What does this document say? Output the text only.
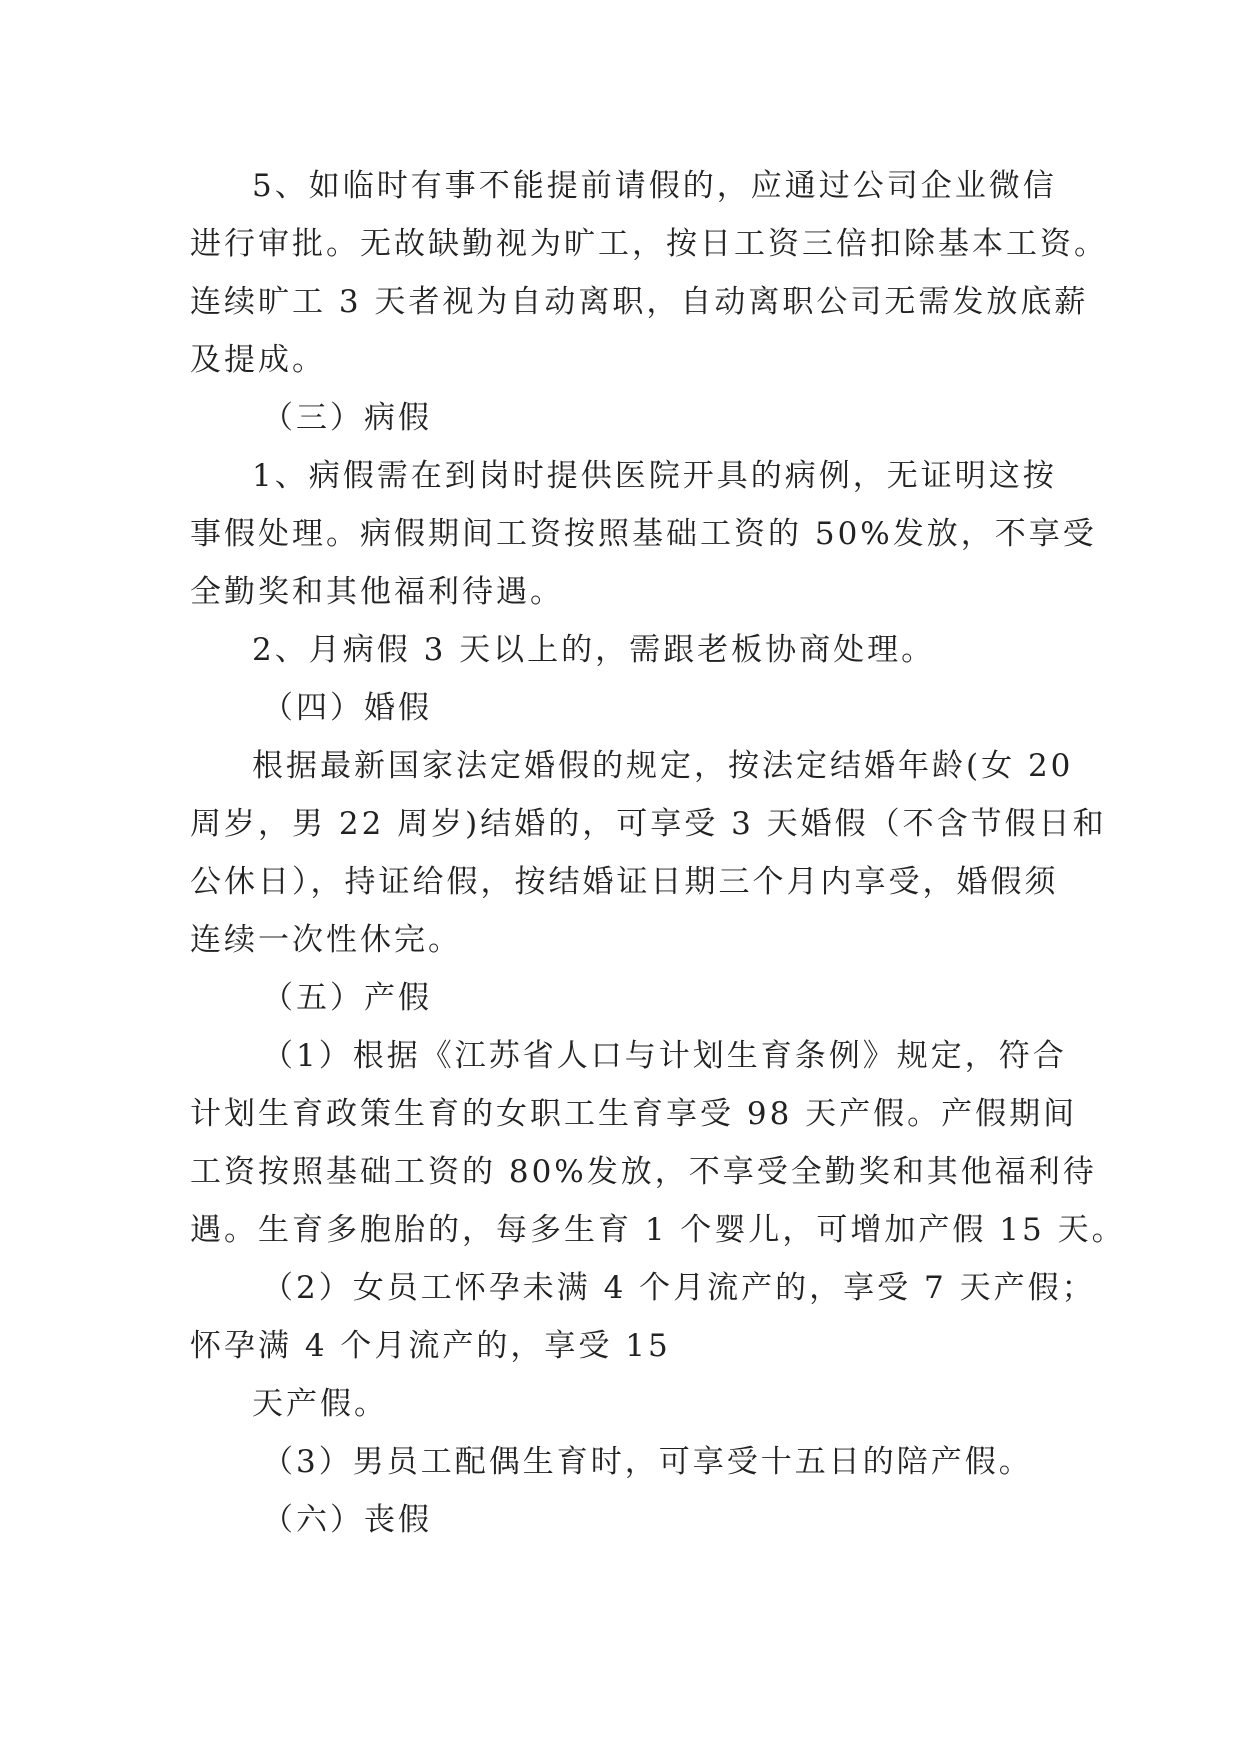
5、如临时有事不能提前请假的，应通过公司企业微信
进行审批。无故缺勤视为旷工，按日工资三倍扣除基本工资。
连续旷工 3 天者视为自动离职，自动离职公司无需发放底薪
及提成。
（三）病假
1、病假需在到岗时提供医院开具的病例，无证明这按
事假处理。病假期间工资按照基础工资的 50%发放，不享受
全勤奖和其他福利待遇。
2、月病假 3 天以上的，需跟老板协商处理。
（四）婚假
根据最新国家法定婚假的规定，按法定结婚年龄(女 20
周岁，男 22 周岁)结婚的，可享受 3 天婚假（不含节假日和
公休日），持证给假，按结婚证日期三个月内享受，婚假须
连续一次性休完。
（五）产假
（1）根据《江苏省人口与计划生育条例》规定，符合
计划生育政策生育的女职工生育享受 98 天产假。产假期间
工资按照基础工资的 80%发放，不享受全勤奖和其他福利待
遇。生育多胞胎的，每多生育 1 个婴儿，可增加产假 15 天。
（2）女员工怀孕未满 4 个月流产的，享受 7 天产假；
怀孕满 4 个月流产的，享受 15
天产假。
（3）男员工配偶生育时，可享受十五日的陪产假。
（六）丧假
